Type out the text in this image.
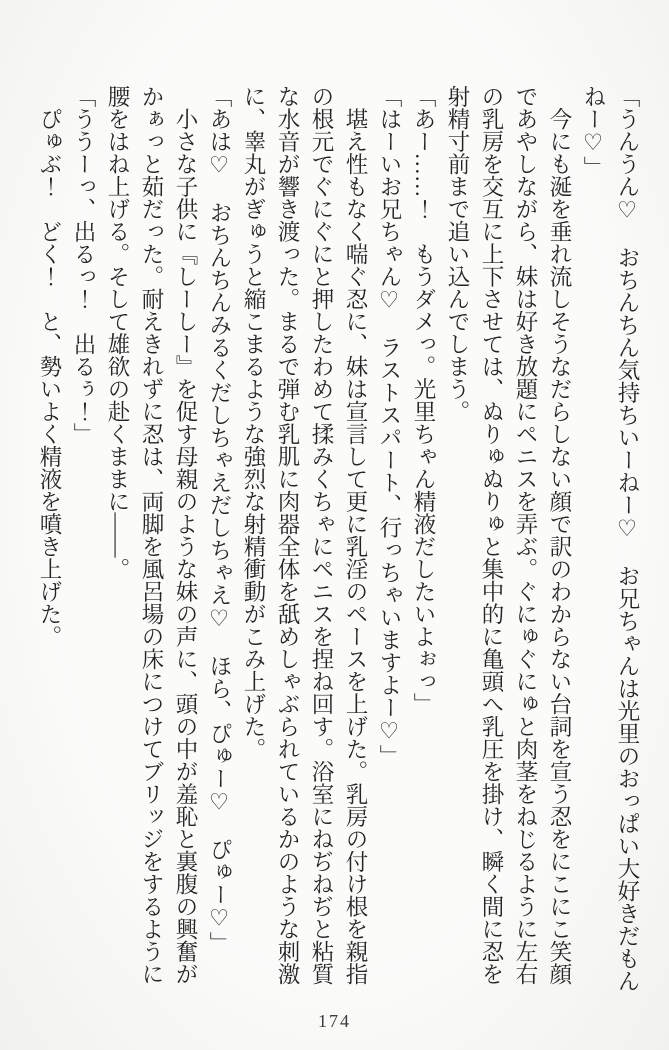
「うんうん♡　おちんちん気持ちいーねー♡　お兄ちゃんは光里のおっぱい大好きだもん
ねー♡」
　今にも涎を垂れ流しそうなだらしない顔で訳のわからない台詞を宣う忍をにこにこ笑顔
であやしながら、妹は好き放題にペニスを弄ぶ。ぐにゅぐにゅと肉茎をねじるように左右
の乳房を交互に上下させては、ぬりゅぬりゅと集中的に亀頭へ乳圧を掛け、瞬く間に忍を
射精寸前まで追い込んでしまう。
「あー……！　もうダメっ。光里ちゃん精液だしたいよぉっ」
「はーいお兄ちゃん♡　ラストスパート、行っちゃいますよー♡」
　堪え性もなく喘ぐ忍に、妹は宣言して更に乳淫のペースを上げた。乳房の付け根を親指
の根元でぐにぐにと押したわめて揉みくちゃにペニスを捏ね回す。浴室にねぢねぢと粘質
な水音が響き渡った。まるで弾む乳肌に肉器全体を舐めしゃぶられているかのような刺激
に、睾丸がぎゅうと縮こまるような強烈な射精衝動がこみ上げた。
「あは♡　おちんちんみるくだしちゃえだしちゃえ♡　ほら、ぴゅー♡　ぴゅー♡」
　小さな子供に『しーしー』を促す母親のような妹の声に、頭の中が羞恥と裏腹の興奮が
かぁっと茹だった。耐えきれずに忍は、両脚を風呂場の床につけてブリッジをするように
腰をはね上げる。そして雄欲の赴くままに――。
「ううーっ、出るっ！　出るぅ！」
　ぴゅぶ！　どく！　と、勢いよく精液を噴き上げた。
174
